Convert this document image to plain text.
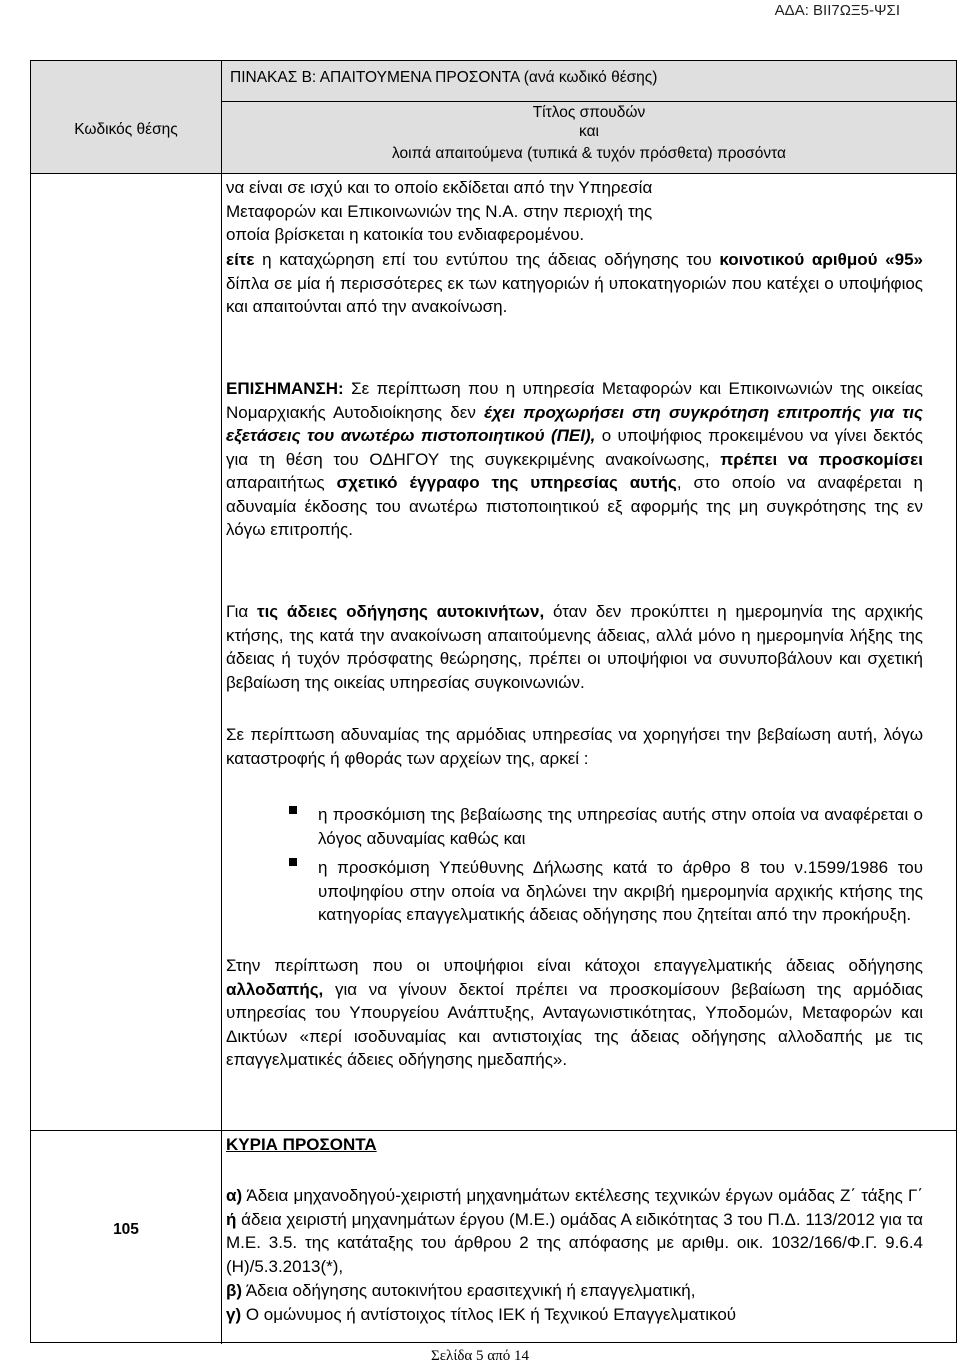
ΑΔΑ: ΒΙΙ7ΩΞ5-ΨΣΙ
ΠΙΝΑΚΑΣ Β: ΑΠΑΙΤΟΥΜΕΝΑ ΠΡΟΣΟΝΤΑ (ανά κωδικό θέσης)
Κωδικός θέσης
Τίτλος σπουδών
και
λοιπά απαιτούμενα (τυπικά & τυχόν πρόσθετα) προσόντα
105
να είναι σε ισχύ και το οποίο εκδίδεται από την Υπηρεσία
Μεταφορών και Επικοινωνιών της Ν.Α. στην περιοχή της
οποία βρίσκεται η κατοικία του ενδιαφερομένου.
είτε η καταχώρηση επί του εντύπου της άδειας οδήγησης του κοινοτικού αριθμού «95» δίπλα σε μία ή περισσότερες εκ των κατηγοριών ή υποκατηγοριών που κατέχει ο υποψήφιος και απαιτούνται από την ανακοίνωση.
ΕΠΙΣΗΜΑΝΣΗ: Σε περίπτωση που η υπηρεσία Μεταφορών και Επικοινωνιών της οικείας Νομαρχιακής Αυτοδιοίκησης δεν έχει προχωρήσει στη συγκρότηση επιτροπής για τις εξετάσεις του ανωτέρω πιστοποιητικού (ΠΕΙ), ο υποψήφιος προκειμένου να γίνει δεκτός για τη θέση του ΟΔΗΓΟΥ της συγκεκριμένης ανακοίνωσης, πρέπει να προσκομίσει απαραιτήτως σχετικό έγγραφο της υπηρεσίας αυτής, στο οποίο να αναφέρεται η αδυναμία έκδοσης του ανωτέρω πιστοποιητικού εξ αφορμής της μη συγκρότησης της εν λόγω επιτροπής.
Για τις άδειες οδήγησης αυτοκινήτων, όταν δεν προκύπτει η ημερομηνία της αρχικής κτήσης, της κατά την ανακοίνωση απαιτούμενης άδειας, αλλά μόνο η ημερομηνία λήξης της άδειας ή τυχόν πρόσφατης θεώρησης, πρέπει οι υποψήφιοι να συνυποβάλουν και σχετική βεβαίωση της οικείας υπηρεσίας συγκοινωνιών.
Σε περίπτωση αδυναμίας της αρμόδιας υπηρεσίας να χορηγήσει την βεβαίωση αυτή, λόγω καταστροφής ή φθοράς των αρχείων της, αρκεί :
η προσκόμιση της βεβαίωσης της υπηρεσίας αυτής στην οποία να αναφέρεται ο λόγος αδυναμίας καθώς και
η προσκόμιση Υπεύθυνης Δήλωσης κατά το άρθρο 8 του ν.1599/1986 του υποψηφίου στην οποία να δηλώνει την ακριβή ημερομηνία αρχικής κτήσης της κατηγορίας επαγγελματικής άδειας οδήγησης που ζητείται από την προκήρυξη.
Στην περίπτωση που οι υποψήφιοι είναι κάτοχοι επαγγελματικής άδειας οδήγησης αλλοδαπής, για να γίνουν δεκτοί πρέπει να προσκομίσουν βεβαίωση της αρμόδιας υπηρεσίας του Υπουργείου Ανάπτυξης, Ανταγωνιστικότητας, Υποδομών, Μεταφορών και Δικτύων «περί ισοδυναμίας και αντιστοιχίας της άδειας οδήγησης αλλοδαπής με τις επαγγελματικές άδειες οδήγησης ημεδαπής».
ΚΥΡΙΑ ΠΡΟΣΟΝΤΑ
α) Άδεια μηχανοδηγού-χειριστή μηχανημάτων εκτέλεσης τεχνικών έργων ομάδας Ζ΄ τάξης Γ΄ ή άδεια χειριστή μηχανημάτων έργου (Μ.Ε.) ομάδας Α ειδικότητας 3 του Π.Δ. 113/2012 για τα Μ.Ε. 3.5. της κατάταξης του άρθρου 2 της απόφασης με αριθμ. οικ. 1032/166/Φ.Γ. 9.6.4 (Η)/5.3.2013(*),
β) Άδεια οδήγησης αυτοκινήτου ερασιτεχνική ή επαγγελματική,
γ) Ο ομώνυμος ή αντίστοιχος τίτλος ΙΕΚ ή Τεχνικού Επαγγελματικού
Σελίδα 5 από 14
